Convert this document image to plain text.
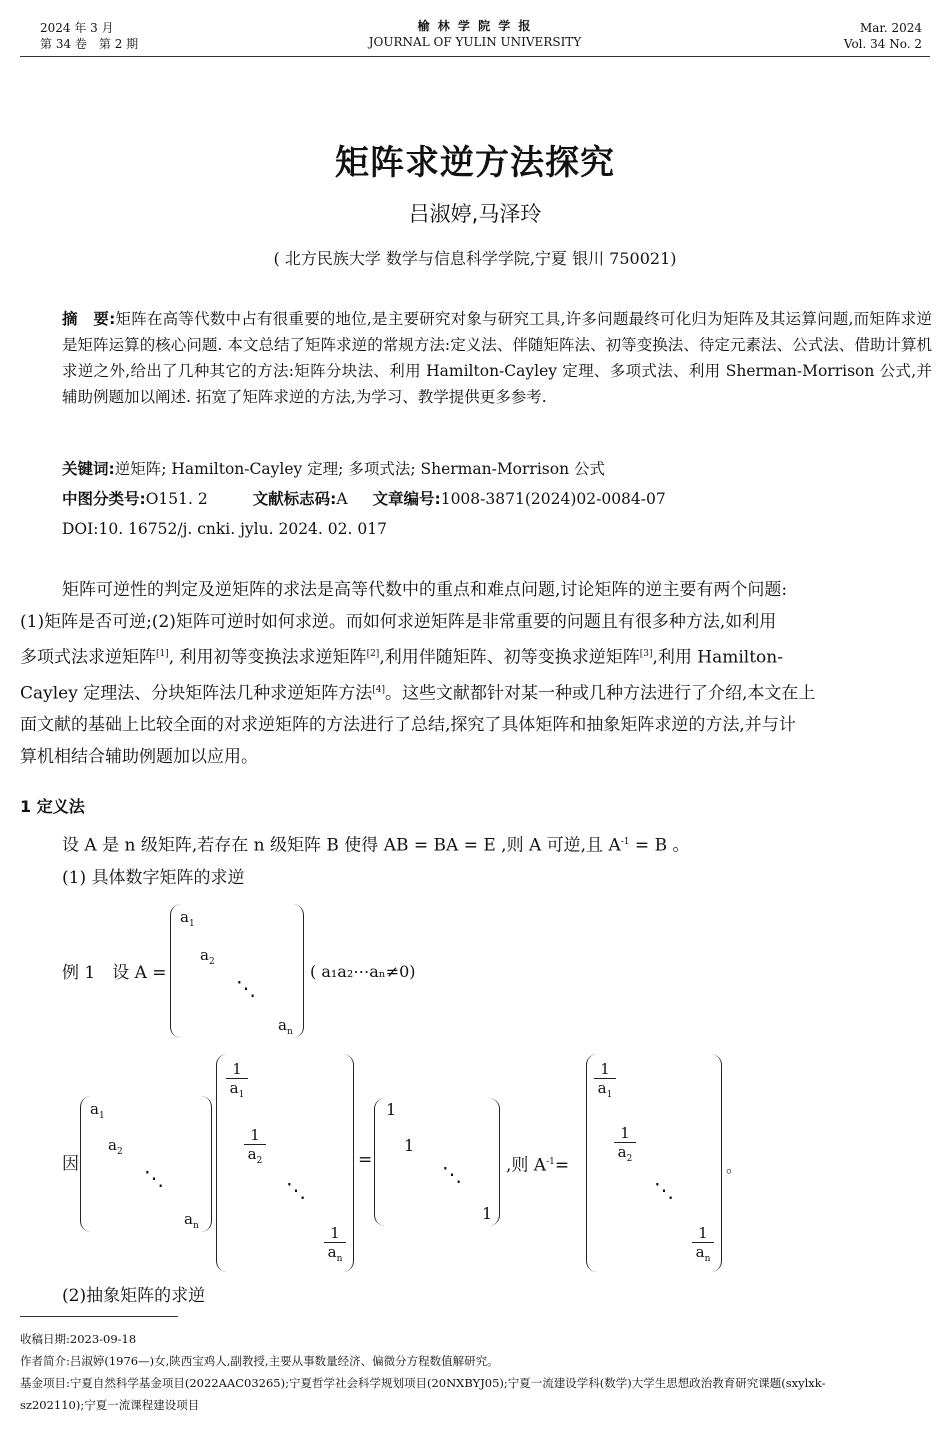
2024 年 3 月
第 34 卷　第 2 期
榆 林 学 院 学 报
JOURNAL OF YULIN UNIVERSITY
Mar. 2024
Vol. 34 No. 2
矩阵求逆方法探究
吕淑婷,马泽玲
( 北方民族大学 数学与信息科学学院,宁夏 银川 750021)
摘　要:矩阵在高等代数中占有很重要的地位,是主要研究对象与研究工具,许多问题最终可化归为矩阵及其运算问题,而矩阵求逆是矩阵运算的核心问题. 本文总结了矩阵求逆的常规方法:定义法、伴随矩阵法、初等变换法、待定元素法、公式法、借助计算机求逆之外,给出了几种其它的方法:矩阵分块法、利用 Hamilton-Cayley 定理、多项式法、利用 Sherman-Morrison 公式,并辅助例题加以阐述. 拓宽了矩阵求逆的方法,为学习、教学提供更多参考.
关键词:逆矩阵; Hamilton-Cayley 定理; 多项式法; Sherman-Morrison 公式
中图分类号:O151. 2	文献标志码:A 文章编号:1008-3871(2024)02-0084-07
DOI:10. 16752/j. cnki. jylu. 2024. 02. 017
矩阵可逆性的判定及逆矩阵的求法是高等代数中的重点和难点问题,讨论矩阵的逆主要有两个问题:
(1)矩阵是否可逆;(2)矩阵可逆时如何求逆。而如何求逆矩阵是非常重要的问题且有很多种方法,如利用
多项式法求逆矩阵[1], 利用初等变换法求逆矩阵[2],利用伴随矩阵、初等变换求逆矩阵[3],利用 Hamilton-
Cayley 定理法、分块矩阵法几种求逆矩阵方法[4]。这些文献都针对某一种或几种方法进行了介绍,本文在上
面文献的基础上比较全面的对求逆矩阵的方法进行了总结,探究了具体矩阵和抽象矩阵求逆的方法,并与计
算机相结合辅助例题加以应用。
1 定义法
设 A 是 n 级矩阵,若存在 n 级矩阵 B 使得 AB = BA = E ,则 A 可逆,且 $A^{-1} = B$ 。
(1) 具体数字矩阵的求逆
例 1　设 A =
$a_1$
$a_2$
⋱
$a_n$
( a₁a₂⋯aₙ≠0)
因
$a_1$
$a_2$
⋱
$a_n$
$\frac{1}{a_1}$
$\frac{1}{a_2}$
⋱
$\frac{1}{a_n}$
=
1
1
⋱
1
,则 $A^{-1}=$
$\frac{1}{a_1}$
$\frac{1}{a_2}$
⋱
$\frac{1}{a_n}$
。
(2)抽象矩阵的求逆
收稿日期:2023-09-18
作者简介:吕淑婷(1976—)女,陕西宝鸡人,副教授,主要从事数量经济、偏微分方程数值解研究。
基金项目:宁夏自然科学基金项目(2022AAC03265);宁夏哲学社会科学规划项目(20NXBYJ05);宁夏一流建设学科(数学)大学生思想政治教育研究课题(sxylxk-
sz202110);宁夏一流课程建设项目
